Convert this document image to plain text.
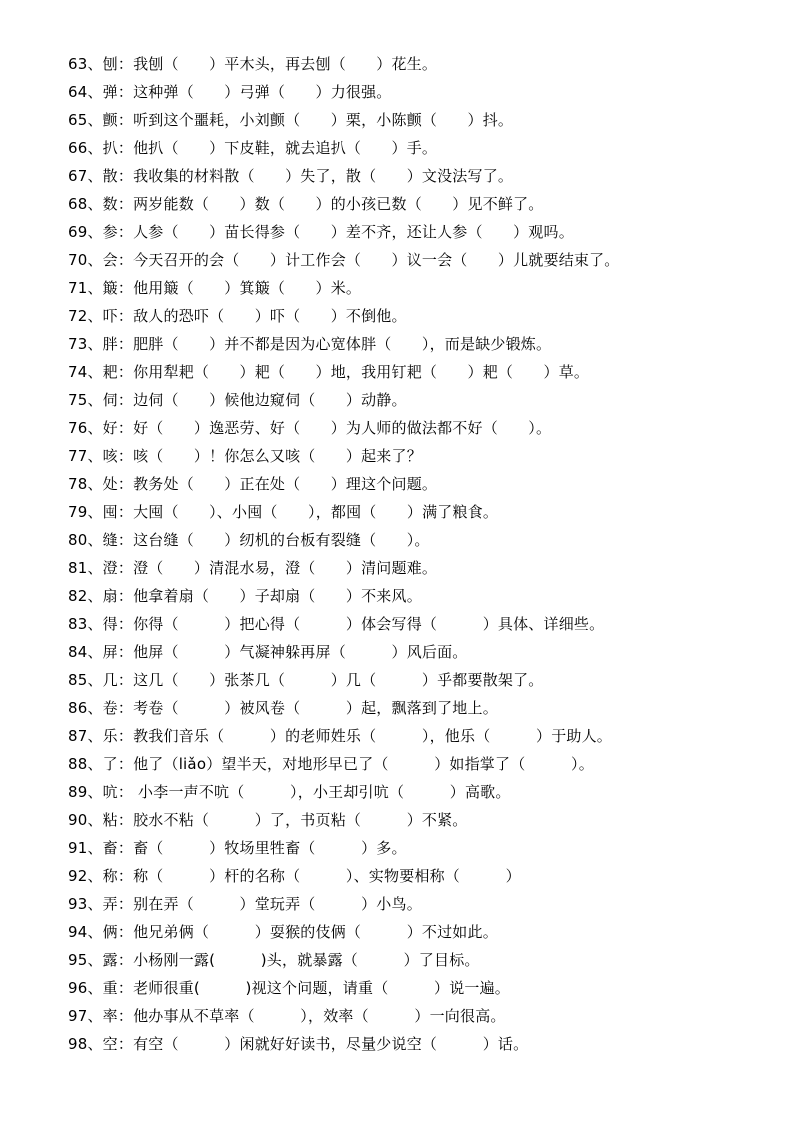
63、刨：我刨（　　）平木头，再去刨（　　）花生。
64、弹：这种弹（　　）弓弹（　　）力很强。
65、颤：听到这个噩耗，小刘颤（　　）栗，小陈颤（　　）抖。
66、扒：他扒（　　）下皮鞋，就去追扒（　　）手。
67、散：我收集的材料散（　　）失了，散（　　）文没法写了。
68、数：两岁能数（　　）数（　　）的小孩已数（　　）见不鲜了。
69、参：人参（　　）苗长得参（　　）差不齐，还让人参（　　）观吗。
70、会：今天召开的会（　　）计工作会（　　）议一会（　　）儿就要结束了。
71、簸：他用簸（　　）箕簸（　　）米。
72、吓：敌人的恐吓（　　）吓（　　）不倒他。
73、胖：肥胖（　　）并不都是因为心宽体胖（　　），而是缺少锻炼。
74、耙：你用犁耙（　　）耙（　　）地，我用钉耙（　　）耙（　　）草。
75、伺：边伺（　　）候他边窥伺（　　）动静。
76、好：好（　　）逸恶劳、好（　　）为人师的做法都不好（　　）。
77、咳：咳（　　）！你怎么又咳（　　）起来了？
78、处：教务处（　　）正在处（　　）理这个问题。
79、囤：大囤（　　）、小囤（　　），都囤（　　）满了粮食。
80、缝：这台缝（　　）纫机的台板有裂缝（　　）。
81、澄：澄（　　）清混水易，澄（　　）清问题难。
82、扇：他拿着扇（　　）子却扇（　　）不来风。
83、得：你得（　　　）把心得（　　　）体会写得（　　　）具体、详细些。
84、屏：他屏（　　　）气凝神躲再屏（　　　）风后面。
85、几：这几（　　）张茶几（　　　）几（　　　）乎都要散架了。
86、卷：考卷（　　　）被风卷（　　　）起，飘落到了地上。
87、乐：教我们音乐（　　　）的老师姓乐（　　　），他乐（　　　）于助人。
88、了：他了（liǎo）望半天，对地形早已了（　　　）如指掌了（　　　）。
89、吭： 小李一声不吭（　　　），小王却引吭（　　　）高歌。
90、粘：胶水不粘（　　　）了，书页粘（　　　）不紧。
91、畜：畜（　　　）牧场里牲畜（　　　）多。
92、称：称（　　　）杆的名称（　　　）、实物要相称（　　　）
93、弄：别在弄（　　　）堂玩弄（　　　）小鸟。
94、俩：他兄弟俩（　　　）耍猴的伎俩（　　　）不过如此。
95、露：小杨刚一露(　　　)头，就暴露（　　　）了目标。
96、重：老师很重(　　　)视这个问题，请重（　　　）说一遍。
97、率：他办事从不草率（　　　），效率（　　　）一向很高。
98、空：有空（　　　）闲就好好读书，尽量少说空（　　　）话。
